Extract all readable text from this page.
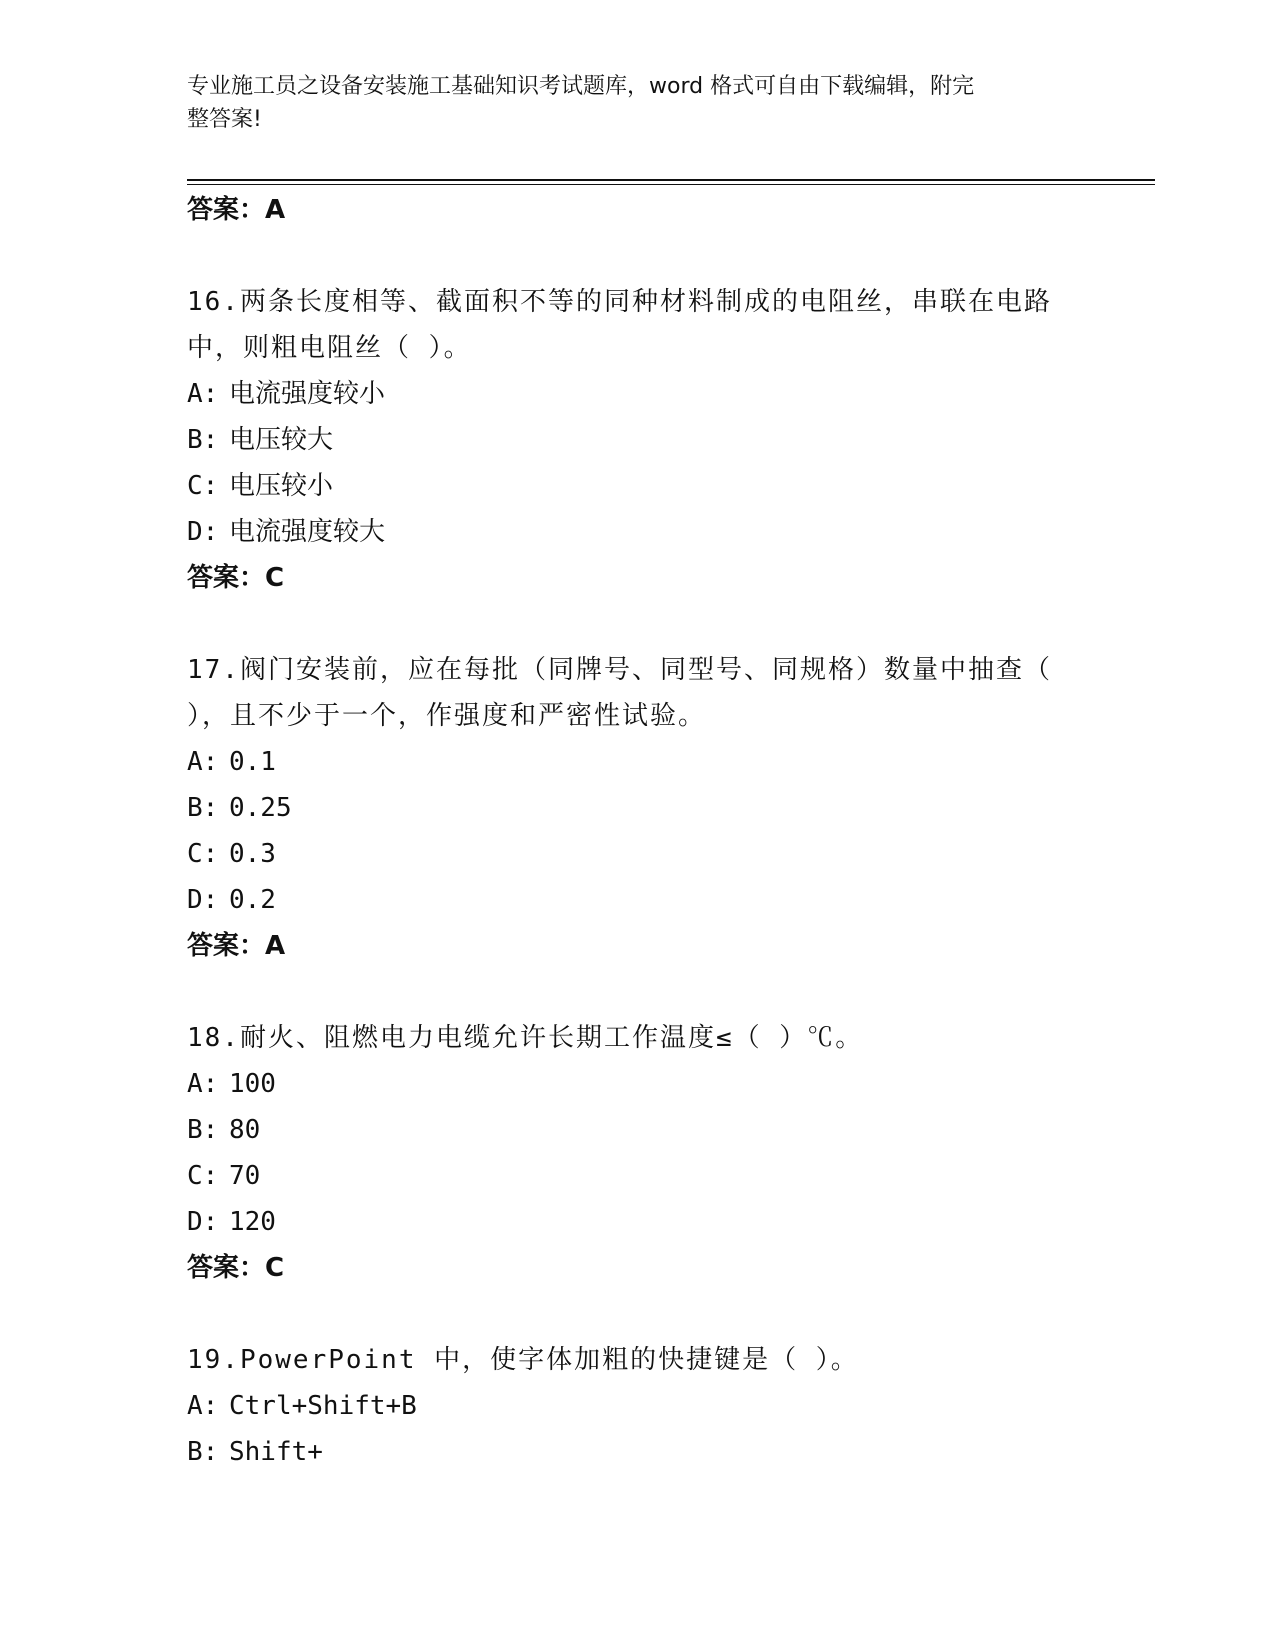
专业施工员之设备安装施工基础知识考试题库，word 格式可自由下载编辑，附完
整答案!
答案：A
16.两条长度相等、截面积不等的同种材料制成的电阻丝，串联在电路
中，则粗电阻丝（ ）。
A: 电流强度较小
B: 电压较大
C: 电压较小
D: 电流强度较大
答案：C
17.阀门安装前，应在每批（同牌号、同型号、同规格）数量中抽查（
），且不少于一个，作强度和严密性试验。
A: 0.1
B: 0.25
C: 0.3
D: 0.2
答案：A
18.耐火、阻燃电力电缆允许长期工作温度≤（ ）℃。
A: 100
B: 80
C: 70
D: 120
答案：C
19.PowerPoint 中，使字体加粗的快捷键是（ ）。
A: Ctrl+Shift+B
B: Shift+
